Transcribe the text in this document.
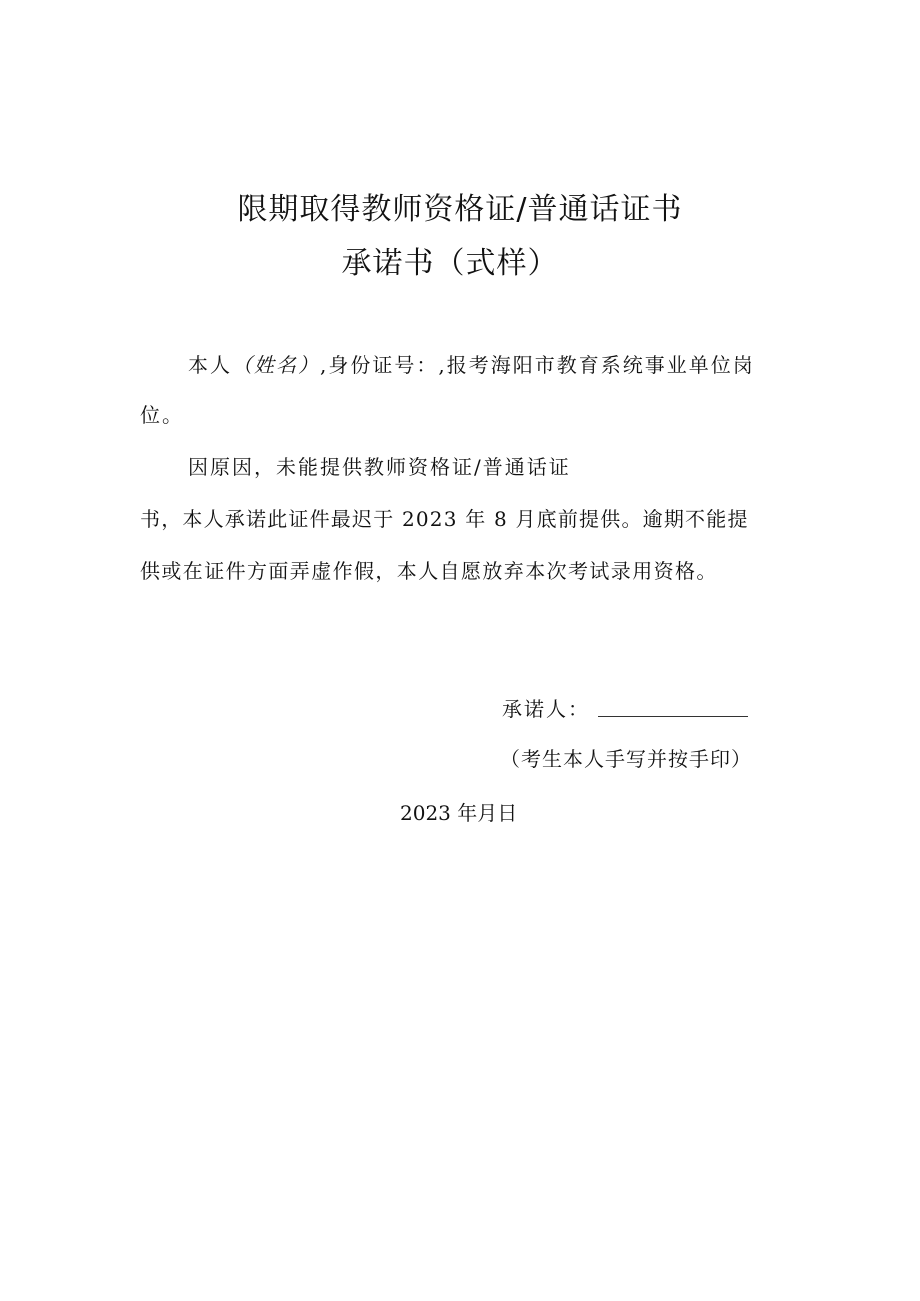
限期取得教师资格证/普通话证书
承诺书（式样）
本人（姓名）,身份证号：,报考海阳市教育系统事业单位岗
位。
因原因，未能提供教师资格证/普通话证
书，本人承诺此证件最迟于 2023 年 8 月底前提供。逾期不能提
供或在证件方面弄虚作假，本人自愿放弃本次考试录用资格。
承诺人：
（考生本人手写并按手印）
2023 年月日
